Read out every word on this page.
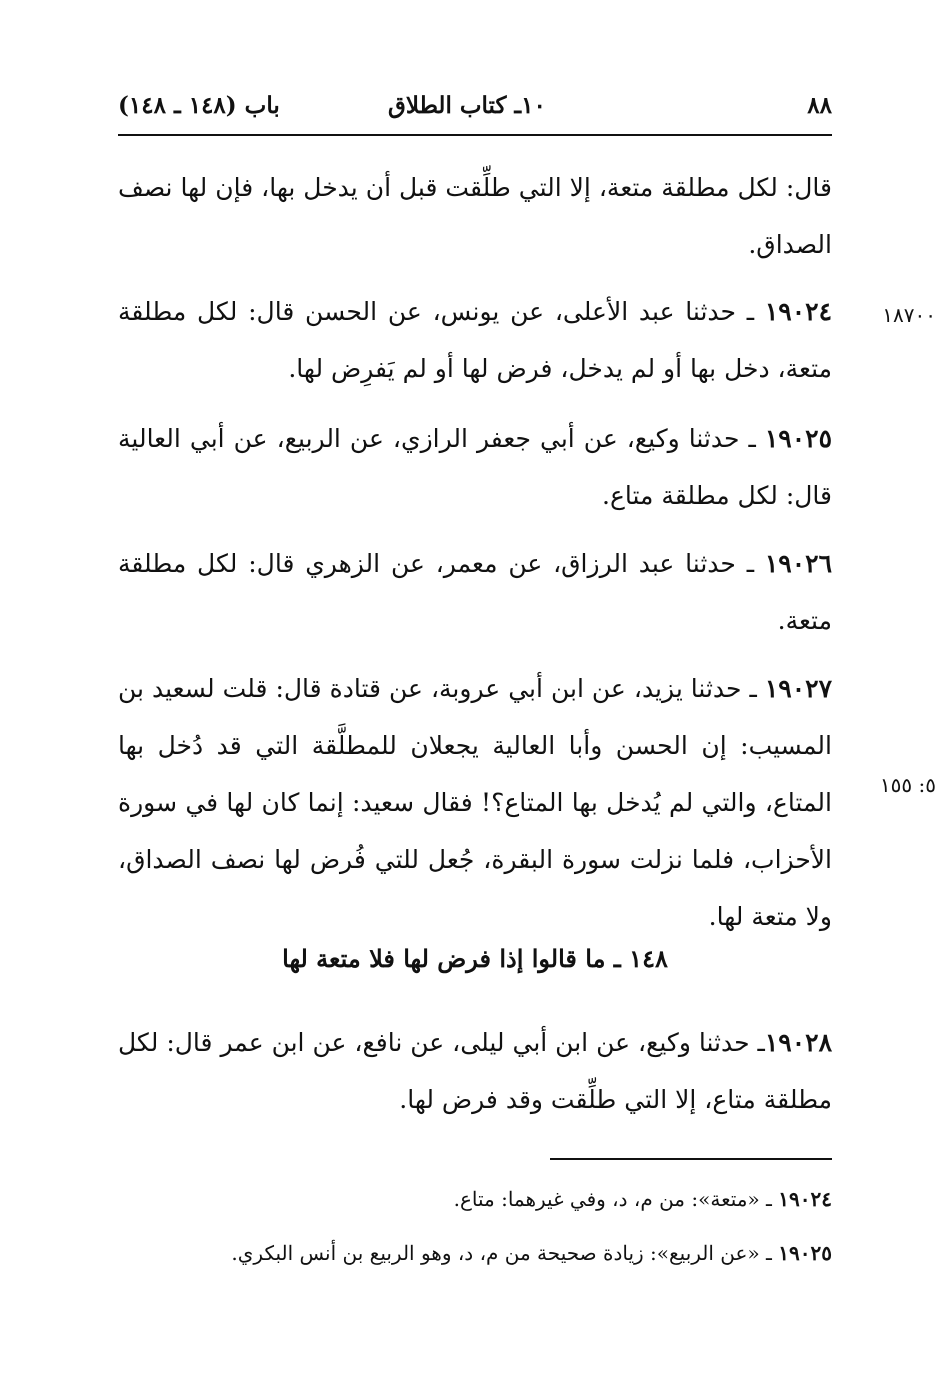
٨٨
١٠ـ كتاب الطلاق
باب (١٤٨ ـ ١٤٨)
قال: لكل مطلقة متعة، إلا التي طلِّقت قبل أن يدخل بها، فإن لها نصف الصداق.
١٨٧٠٠
١٩٠٢٤ ـ حدثنا عبد الأعلى، عن يونس، عن الحسن قال: لكل مطلقة متعة، دخل بها أو لم يدخل، فرض لها أو لم يَفرِض لها.
١٩٠٢٥ ـ حدثنا وكيع، عن أبي جعفر الرازي، عن الربيع، عن أبي العالية قال: لكل مطلقة متاع.
١٩٠٢٦ ـ حدثنا عبد الرزاق، عن معمر، عن الزهري قال: لكل مطلقة متعة.
١٩٠٢٧ ـ حدثنا يزيد، عن ابن أبي عروبة، عن قتادة قال: قلت لسعيد بن المسيب: إن الحسن وأبا العالية يجعلان للمطلَّقة التي قد دُخل بها المتاع، والتي لم يُدخل بها المتاع؟! فقال سعيد: إنما كان لها في سورة الأحزاب، فلما نزلت سورة البقرة، جُعل للتي فُرض لها نصف الصداق، ولا متعة لها.
٥: ١٥٥
١٤٨ ـ ما قالوا إذا فرض لها فلا متعة لها
١٩٠٢٨ـ حدثنا وكيع، عن ابن أبي ليلى، عن نافع، عن ابن عمر قال: لكل مطلقة متاع، إلا التي طلِّقت وقد فرض لها.
١٩٠٢٤ ـ «متعة»: من م، د، وفي غيرهما: متاع.
١٩٠٢٥ ـ «عن الربيع»: زيادة صحيحة من م، د، وهو الربيع بن أنس البكري.
